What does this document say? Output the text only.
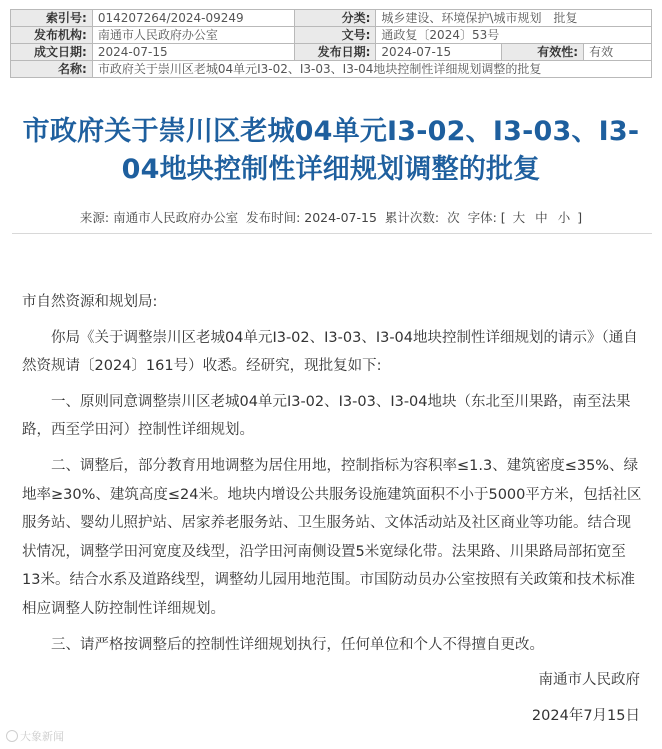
索引号:	014207264/2024-09249	分类:	城乡建设、环境保护\城市规划　批复		
发布机构:	南通市人民政府办公室	文号:	通政复〔2024〕53号		
成文日期:	2024-07-15	发布日期:	2024-07-15	有效性:	有效
名称:	市政府关于崇川区老城04单元I3-02、I3-03、I3-04地块控制性详细规划调整的批复				
市政府关于崇川区老城04单元I3-02、I3-03、I3-04地块控制性详细规划调整的批复
来源: 南通市人民政府办公室 发布时间: 2024-07-15 累计次数: 次 字体: [ 大 中 小 ]

市自然资源和规划局:

你局《关于调整崇川区老城04单元I3-02、I3-03、I3-04地块控制性详细规划的请示》（通自然资规请〔2024〕161号）收悉。经研究，现批复如下:

一、原则同意调整崇川区老城04单元I3-02、I3-03、I3-04地块（东北至川果路，南至法果路，西至学田河）控制性详细规划。

二、调整后，部分教育用地调整为居住用地，控制指标为容积率≤1.3、建筑密度≤35%、绿地率≥30%、建筑高度≤24米。地块内增设公共服务设施建筑面积不小于5000平方米，包括社区服务站、婴幼儿照护站、居家养老服务站、卫生服务站、文体活动站及社区商业等功能。结合现状情况，调整学田河宽度及线型，沿学田河南侧设置5米宽绿化带。法果路、川果路局部拓宽至13米。结合水系及道路线型，调整幼儿园用地范围。市国防动员办公室按照有关政策和技术标准相应调整人防控制性详细规划。

三、请严格按调整后的控制性详细规划执行，任何单位和个人不得擅自更改。

南通市人民政府

2024年7月15日

大象新闻
